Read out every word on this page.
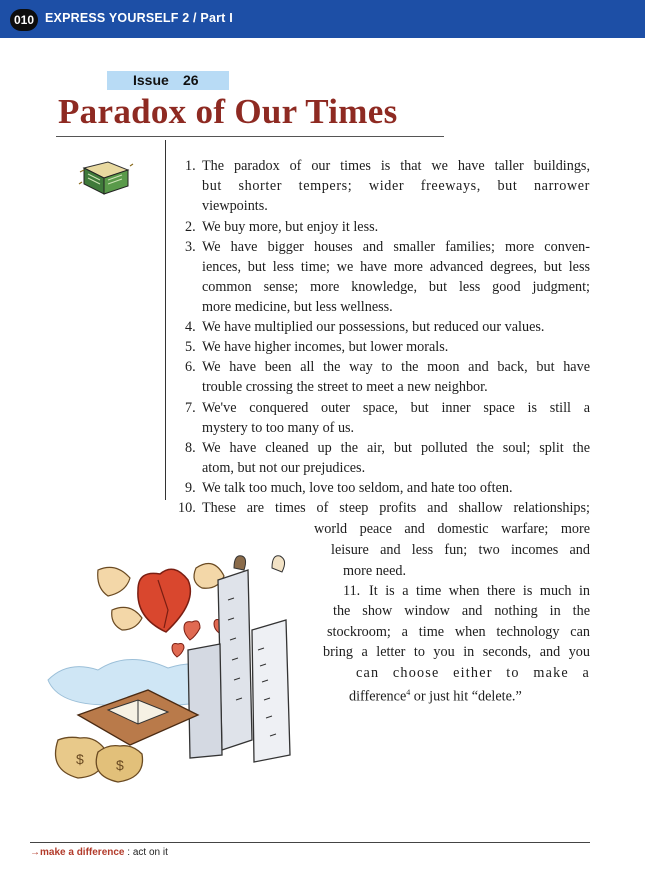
010 EXPRESS YOURSELF 2 / Part I
Issue 26
Paradox of Our Times
1. The paradox of our times is that we have taller buildings,
but shorter tempers; wider freeways, but narrower
viewpoints.
2. We buy more, but enjoy it less.
3. We have bigger houses and smaller families; more conven-
iences, but less time; we have more advanced degrees, but less
common sense; more knowledge, but less good judgment;
more medicine, but less wellness.
4. We have multiplied our possessions, but reduced our values.
5. We have higher incomes, but lower morals.
6. We have been all the way to the moon and back, but have
trouble crossing the street to meet a new neighbor.
7. We've conquered outer space, but inner space is still a
mystery to too many of us.
8. We have cleaned up the air, but polluted the soul; split the
atom, but not our prejudices.
9. We talk too much, love too seldom, and hate too often.
10. These are times of steep profits and shallow relationships;
world peace and domestic warfare; more
leisure and less fun; two incomes and
more need.
11. It is a time when there is much in
the show window and nothing in the
stockroom; a time when technology can
bring a letter to you in seconds, and you
can choose either to make a
difference$^4$ or just hit “delete.”
$ $
→make a difference : act on it
